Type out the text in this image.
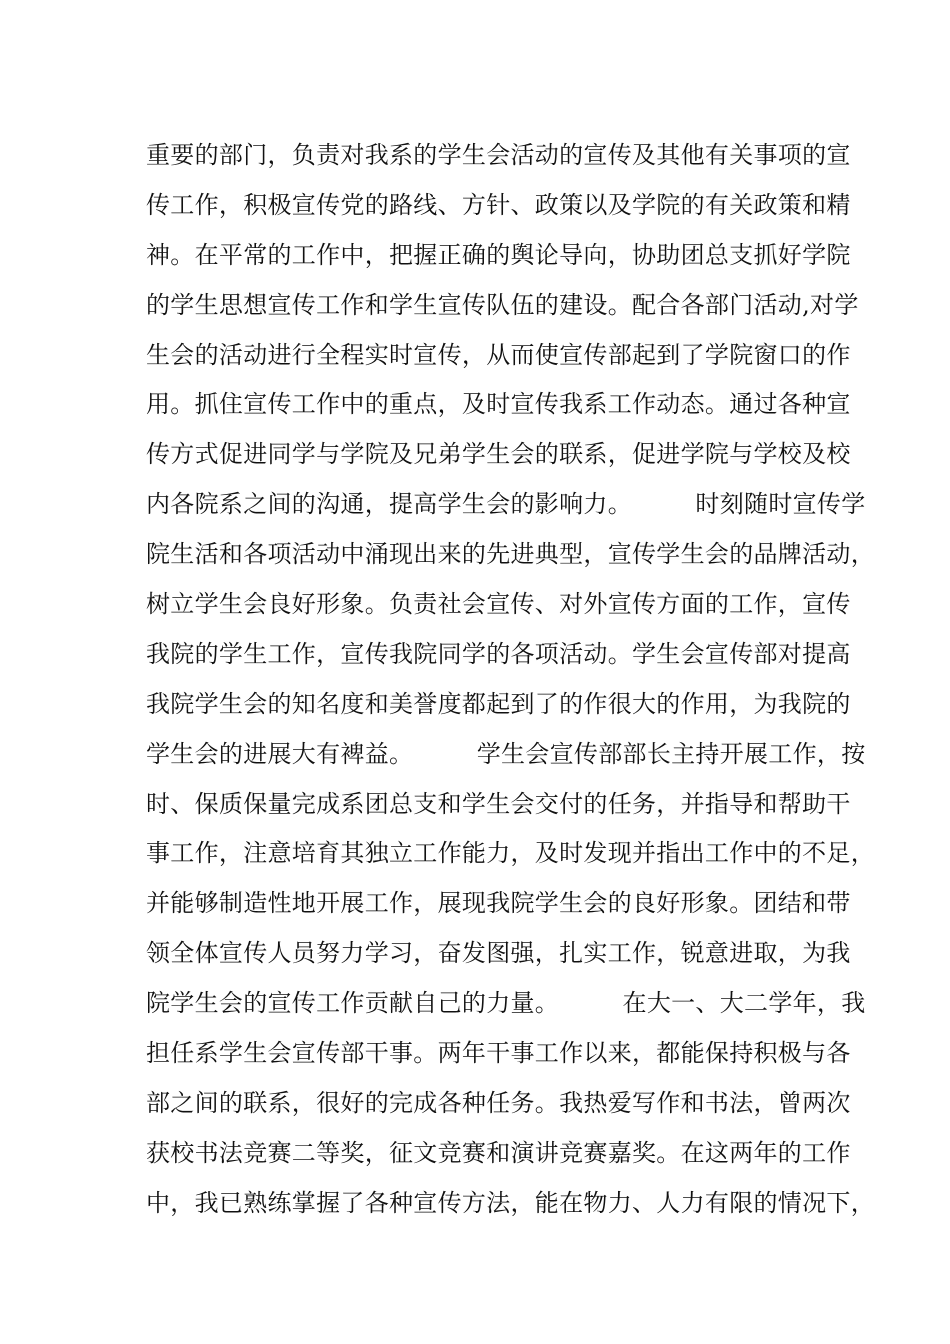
重要的部门，负责对我系的学生会活动的宣传及其他有关事项的宣
传工作，积极宣传党的路线、方针、政策以及学院的有关政策和精
神。在平常的工作中，把握正确的舆论导向，协助团总支抓好学院
的学生思想宣传工作和学生宣传队伍的建设。配合各部门活动,对学
生会的活动进行全程实时宣传，从而使宣传部起到了学院窗口的作
用。抓住宣传工作中的重点，及时宣传我系工作动态。通过各种宣
传方式促进同学与学院及兄弟学生会的联系，促进学院与学校及校
内各院系之间的沟通，提高学生会的影响力。        时刻随时宣传学
院生活和各项活动中涌现出来的先进典型，宣传学生会的品牌活动，
树立学生会良好形象。负责社会宣传、对外宣传方面的工作，宣传
我院的学生工作，宣传我院同学的各项活动。学生会宣传部对提高
我院学生会的知名度和美誉度都起到了的作很大的作用，为我院的
学生会的进展大有裨益。        学生会宣传部部长主持开展工作，按
时、保质保量完成系团总支和学生会交付的任务，并指导和帮助干
事工作，注意培育其独立工作能力，及时发现并指出工作中的不足，
并能够制造性地开展工作，展现我院学生会的良好形象。团结和带
领全体宣传人员努力学习，奋发图强，扎实工作，锐意进取，为我
院学生会的宣传工作贡献自己的力量。        在大一、大二学年，我
担任系学生会宣传部干事。两年干事工作以来，都能保持积极与各
部之间的联系，很好的完成各种任务。我热爱写作和书法，曾两次
获校书法竞赛二等奖，征文竞赛和演讲竞赛嘉奖。在这两年的工作
中，我已熟练掌握了各种宣传方法，能在物力、人力有限的情况下，
